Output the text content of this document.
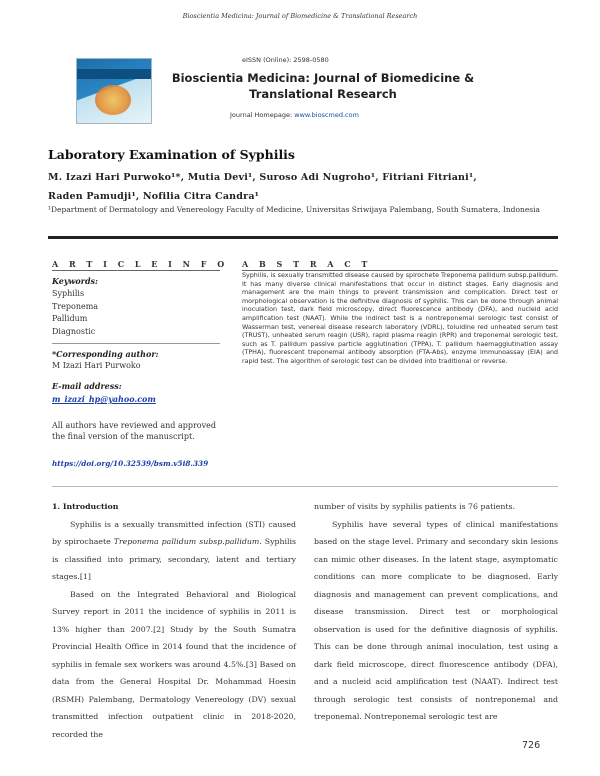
Bioscientia Medicina: Journal of Biomedicine & Translational Research
eISSN (Online): 2598-0580
Bioscientia Medicina: Journal of Biomedicine & Translational Research
Journal Homepage: www.bioscmed.com
Laboratory Examination of Syphilis
M. Izazi Hari Purwoko¹*, Mutia Devi¹, Suroso Adi Nugroho¹, Fitriani Fitriani¹,
Raden Pamudji¹, Nofilia Citra Candra¹
¹Department of Dermatology and Venereology Faculty of Medicine, Universitas Sriwijaya Palembang, South Sumatera, Indonesia
A R T I C L E I N F O A B S T R A C T
Keywords:
Syphilis
Treponema
Pallidum
Diagnostic
*Corresponding author:
M Izazi Hari Purwoko
E-mail address:
m_izazi_hp@yahoo.com
All authors have reviewed and approved the final version of the manuscript.
https://doi.org/10.32539/bsm.v5i8.339
Syphilis, is sexually transmitted disease caused by spirochete Treponema pallidum subsp.pallidum. It has many diverse clinical manifestations that occur in distinct stages. Early diagnosis and management are the main things to prevent transmission and complication. Direct test or morphological observation is the definitive diagnosis of syphilis. This can be done through animal inoculation test, dark field microscopy, direct fluorescence antibody (DFA), and nucleid acid amplification test (NAAT). While the indirect test is a nontreponemal serologic test consist of Wasserman test, venereal disease research laboratory (VDRL), toluidine red unheated serum test (TRUST), unheated serum reagin (USR), rapid plasma reagin (RPR) and treponemal serologic test, such as T. pallidum passive particle agglutination (TPPA), T. pallidum haemagglutination assay (TPHA), fluorescent treponemal antibody absorption (FTA-Abs), enzyme immunoassay (EIA) and rapid test. The algorithm of serologic test can be divided into traditional or reverse.

1. Introduction

Syphilis is a sexually transmitted infection (STI) caused by spirochaete Treponema pallidum subsp.pallidum. Syphilis is classified into primary, secondary, latent and tertiary stages.[1]

Based on the Integrated Behavioral and Biological Survey report in 2011 the incidence of syphilis in 2011 is 13% higher than 2007.[2] Study by the South Sumatra Provincial Health Office in 2014 found that the incidence of syphilis in female sex workers was around 4.5%.[3] Based on data from the General Hospital Dr. Mohammad Hoesin (RSMH) Palembang, Dermatology Venereology (DV) sexual transmitted infection outpatient clinic in 2018-2020, recorded the

number of visits by syphilis patients is 76 patients.

Syphilis have several types of clinical manifestations based on the stage level. Primary and secondary skin lesions can mimic other diseases. In the latent stage, asymptomatic conditions can more complicate to be diagnosed. Early diagnosis and management can prevent complications, and disease transmission. Direct test or morphological observation is used for the definitive diagnosis of syphilis. This can be done through animal inoculation, test using a dark field microscope, direct fluorescence antibody (DFA), and a nucleid acid amplification test (NAAT). Indirect test through serologic test consists of nontreponemal and treponemal. Nontreponemal serologic test are

726
